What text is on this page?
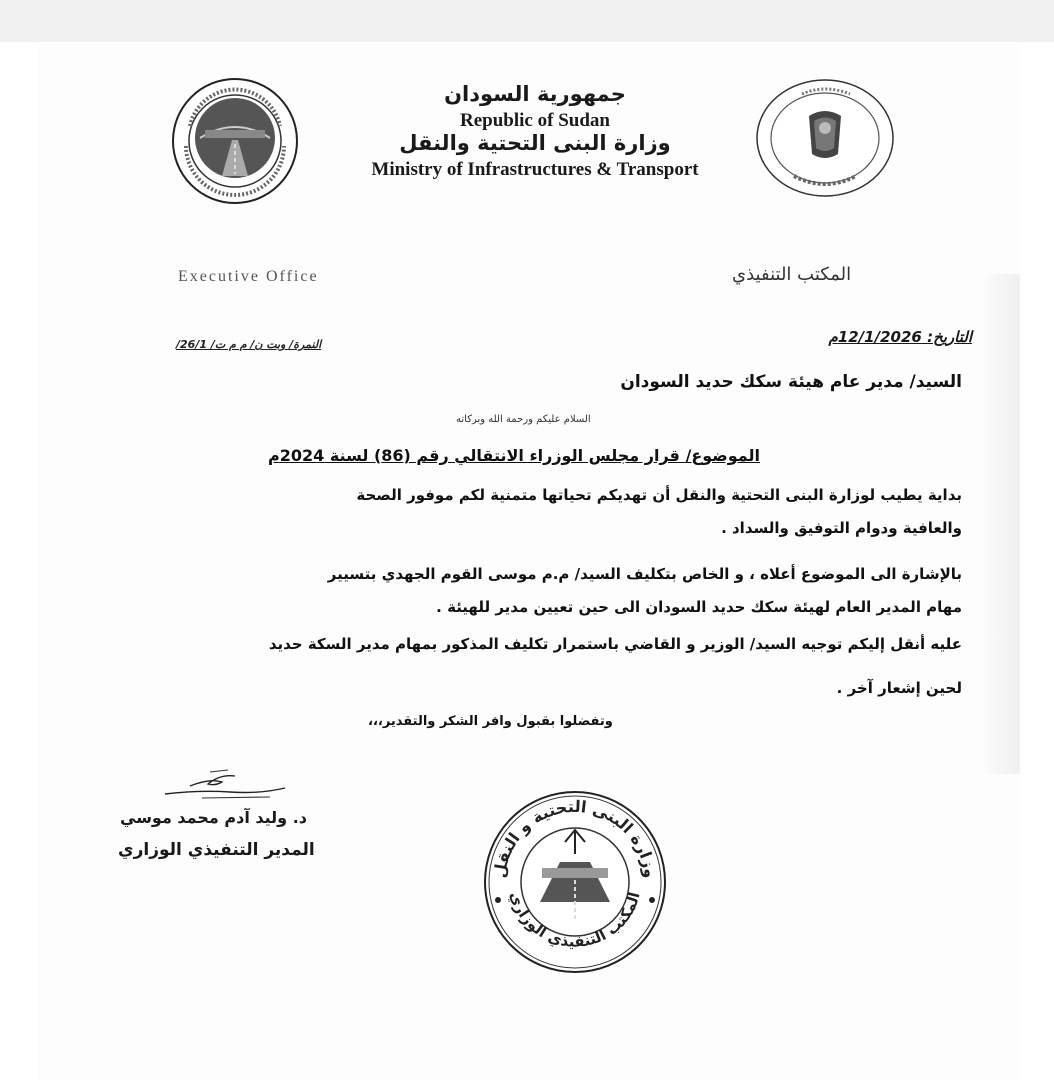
جمهورية السودان
Republic of Sudan
وزارة البنى التحتية والنقل
Ministry of Infrastructures & Transport
Executive Office	المكتب التنفيذي
النمرة/ وبت ن/ م م ت/ 26/1/	التاريخ: 12/1/2026م
السيد/ مدير عام هيئة سكك حديد السودان
السلام عليكم ورحمة الله وبركاته
الموضوع/ قرار مجلس الوزراء الانتقالي رقم (86) لسنة 2024م
بداية يطيب لوزارة البنى التحتية والنقل أن تهديكم تحياتها متمنية لكم موفور الصحة
والعافية ودوام التوفيق والسداد .
بالإشارة الى الموضوع أعلاه ، و الخاص بتكليف السيد/ م.م موسى القوم الجهدي بتسيير
مهام المدير العام لهيئة سكك حديد السودان الى حين تعيين مدير للهيئة .
عليه أنقل إليكم توجيه السيد/ الوزير و القاضي باستمرار تكليف المذكور بمهام مدير السكة حديد
لحين إشعار آخر .
وتفضلوا بقبول وافر الشكر والتقدير،،،
د. وليد آدم محمد موسي
المدير التنفيذي الوزاري
وزارة البنى التحتية و النقل
المكتب التنفيذي الوزاري
